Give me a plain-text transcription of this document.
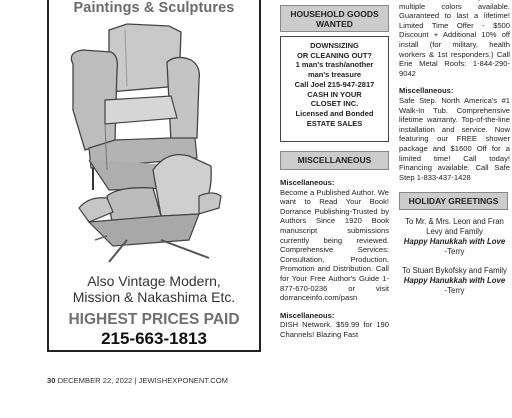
Paintings & Sculptures
Also Vintage Modern,
Mission & Nakashima Etc.
HIGHEST PRICES PAID
215-663-1813
HOUSEHOLD GOODS WANTED
DOWNSIZING
OR CLEANING OUT?
1 man's trash/another
man's treasure
Call Joel 215-947-2817
CASH IN YOUR
CLOSET INC.
Licensed and Bonded
ESTATE SALES
MISCELLANEOUS
Miscellaneous:
Become a Published Author. We want to Read Your Book! Dorrance Publishing-Trusted by Authors Since 1920 Book manuscript submissions currently being reviewed. Comprehensive Services: Consultation, Production, Promotion and Distribution. Call for Your Free Author's Guide 1-877-670-0236 or visit dorranceinfo.com/pasn
Miscellaneous:
DISH Network. $59.99 for 190 Channels! Blazing Fast
multiple colors available. Guaranteed to last a lifetime! Limited Time Offer - $500 Discount + Additional 10% off install (for military, health workers & 1st responders.) Call Erie Metal Roofs: 1-844-290-9042
Miscellaneous:
Safe Step. North America's #1 Walk-In Tub. Comprehensive lifetime warranty. Top-of-the-line installation and service. Now featuring our FREE shower package and $1600 Off for a limited time! Call today! Financing available. Call Safe Step 1-833-437-1428
HOLIDAY GREETINGS
To Mr. & Mrs. Leon and Fran Levy and Family
Happy Hanukkah with Love
-Terry
To Stuart Bykofsky and Family
Happy Hanukkah with Love
-Terry
30 DECEMBER 22, 2022 | JEWISHEXPONENT.COM
